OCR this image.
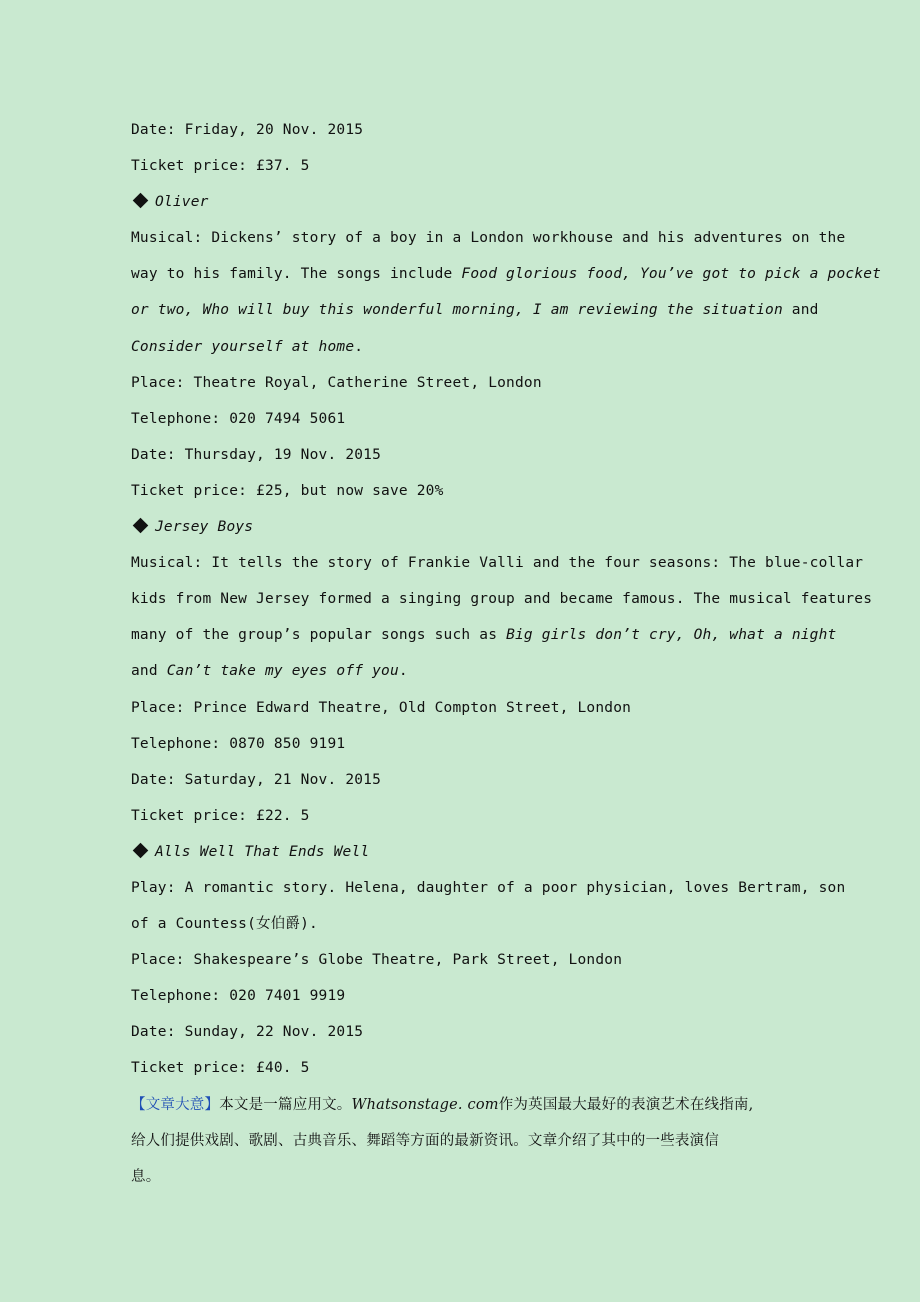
Date: Friday, 20 Nov. 2015
Ticket price: £37. 5
Oliver
Musical: Dickens’ story of a boy in a London workhouse and his adventures on the
way to his family. The songs include Food glorious food, You’ve got to pick a pocket
or two, Who will buy this wonderful morning, I am reviewing the situation and
Consider yourself at home.
Place: Theatre Royal, Catherine Street, London
Telephone: 020 7494 5061
Date: Thursday, 19 Nov. 2015
Ticket price: £25, but now save 20%
Jersey Boys
Musical: It tells the story of Frankie Valli and the four seasons: The blue-collar
kids from New Jersey formed a singing group and became famous. The musical features
many of the group’s popular songs such as Big girls don’t cry, Oh, what a night
and Can’t take my eyes off you.
Place: Prince Edward Theatre, Old Compton Street, London
Telephone: 0870 850 9191
Date: Saturday, 21 Nov. 2015
Ticket price: £22. 5
Alls Well That Ends Well
Play: A romantic story. Helena, daughter of a poor physician, loves Bertram, son
of a Countess(女伯爵).
Place: Shakespeare’s Globe Theatre, Park Street, London
Telephone: 020 7401 9919
Date: Sunday, 22 Nov. 2015
Ticket price: £40. 5
【文章大意】本文是一篇应用文。Whatsonstage. com作为英国最大最好的表演艺术在线指南,
给人们提供戏剧、歌剧、古典音乐、舞蹈等方面的最新资讯。文章介绍了其中的一些表演信
息。
